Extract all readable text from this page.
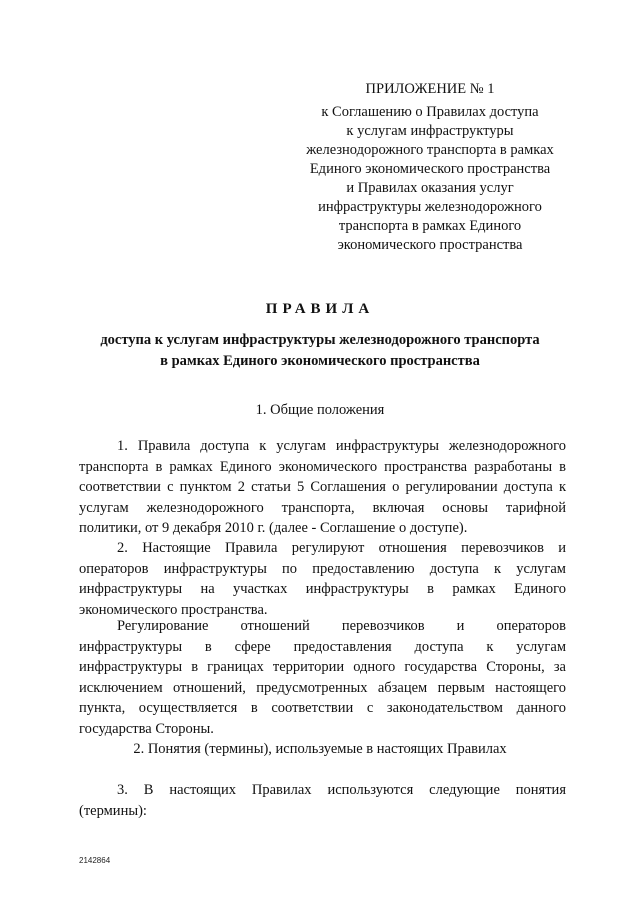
ПРИЛОЖЕНИЕ № 1
к Соглашению о Правилах доступа
к услугам инфраструктуры
железнодорожного транспорта в рамках
Единого экономического пространства
и Правилах оказания услуг
инфраструктуры железнодорожного
транспорта в рамках Единого
экономического пространства
ПРАВИЛА
доступа к услугам инфраструктуры железнодорожного транспорта
в рамках Единого экономического пространства
1. Общие положения
1. Правила доступа к услугам инфраструктуры железнодорожного
транспорта в рамках Единого экономического пространства разработаны в
соответствии с пунктом 2 статьи 5 Соглашения о регулировании доступа к
услугам железнодорожного транспорта, включая основы тарифной
политики, от 9 декабря 2010 г. (далее - Соглашение о доступе).
2. Настоящие Правила регулируют отношения перевозчиков и
операторов инфраструктуры по предоставлению доступа к услугам
инфраструктуры на участках инфраструктуры в рамках Единого
экономического пространства.
Регулирование отношений перевозчиков и операторов
инфраструктуры в сфере предоставления доступа к услугам
инфраструктуры в границах территории одного государства Стороны, за
исключением отношений, предусмотренных абзацем первым настоящего
пункта, осуществляется в соответствии с законодательством данного
государства Стороны.
2. Понятия (термины), используемые в настоящих Правилах
3. В настоящих Правилах используются следующие понятия
(термины):
2142864
